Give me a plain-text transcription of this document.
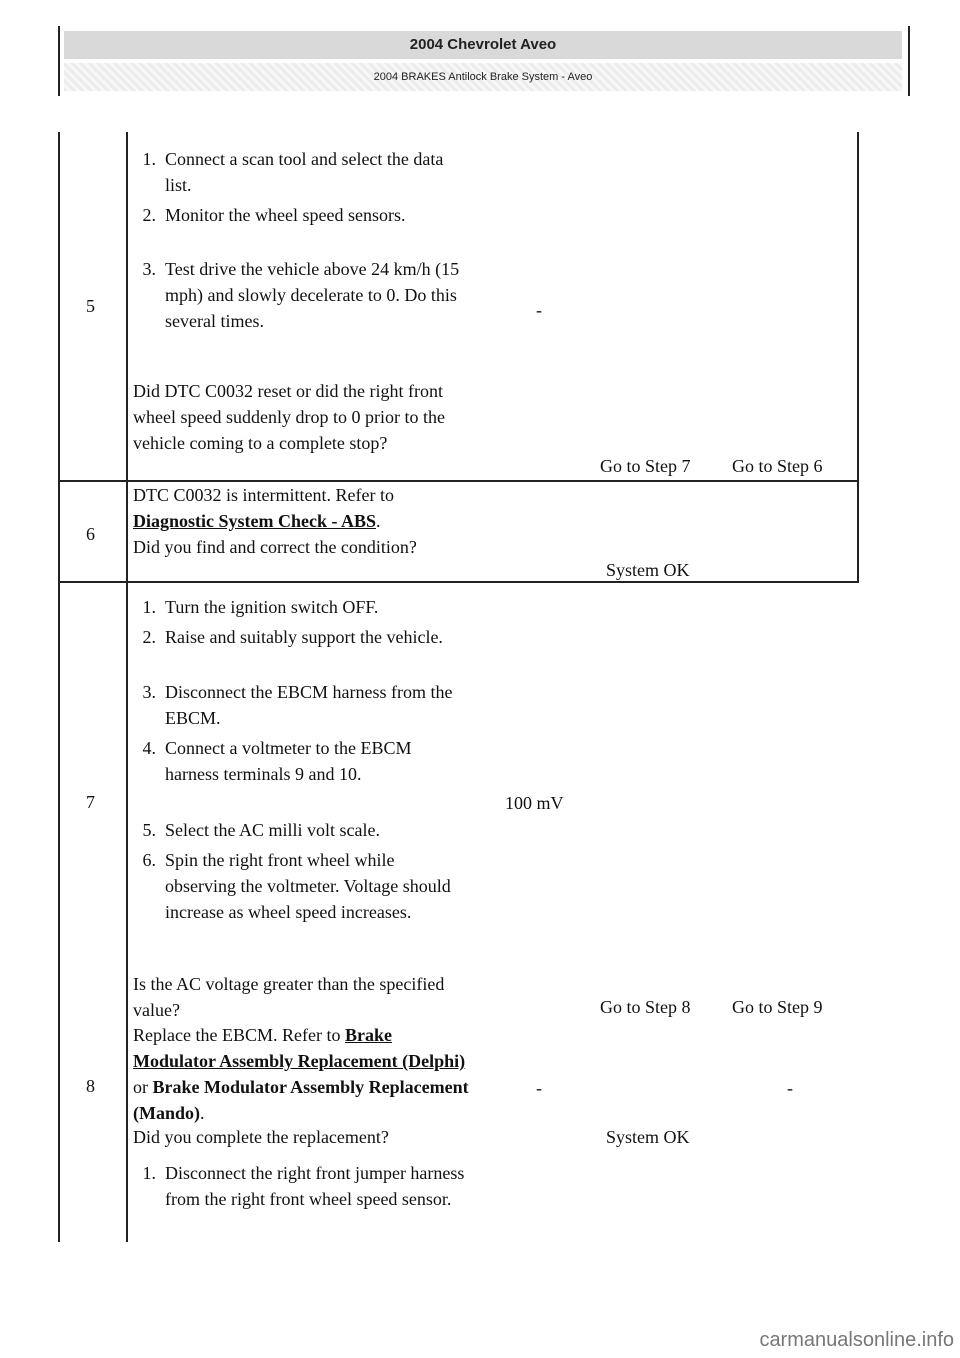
2004 Chevrolet Aveo
2004 BRAKES Antilock Brake System - Aveo
5
1. Connect a scan tool and select the data list.
2. Monitor the wheel speed sensors.
3. Test drive the vehicle above 24 km/h (15 mph) and slowly decelerate to 0. Do this several times.
Did DTC C0032 reset or did the right front wheel speed suddenly drop to 0 prior to the vehicle coming to a complete stop?
-
Go to Step 7 Go to Step 6
6
DTC C0032 is intermittent. Refer to
Diagnostic System Check - ABS.
Did you find and correct the condition?
System OK
7
1. Turn the ignition switch OFF.
2. Raise and suitably support the vehicle.
3. Disconnect the EBCM harness from the EBCM.
4. Connect a voltmeter to the EBCM harness terminals 9 and 10.
5. Select the AC milli volt scale.
6. Spin the right front wheel while observing the voltmeter. Voltage should increase as wheel speed increases.
Is the AC voltage greater than the specified value?
100 mV
Go to Step 8 Go to Step 9
8
Replace the EBCM. Refer to Brake Modulator Assembly Replacement (Delphi) or Brake Modulator Assembly Replacement (Mando).
Did you complete the replacement?
-
System OK
-
1. Disconnect the right front jumper harness from the right front wheel speed sensor.
carmanualsonline.info
